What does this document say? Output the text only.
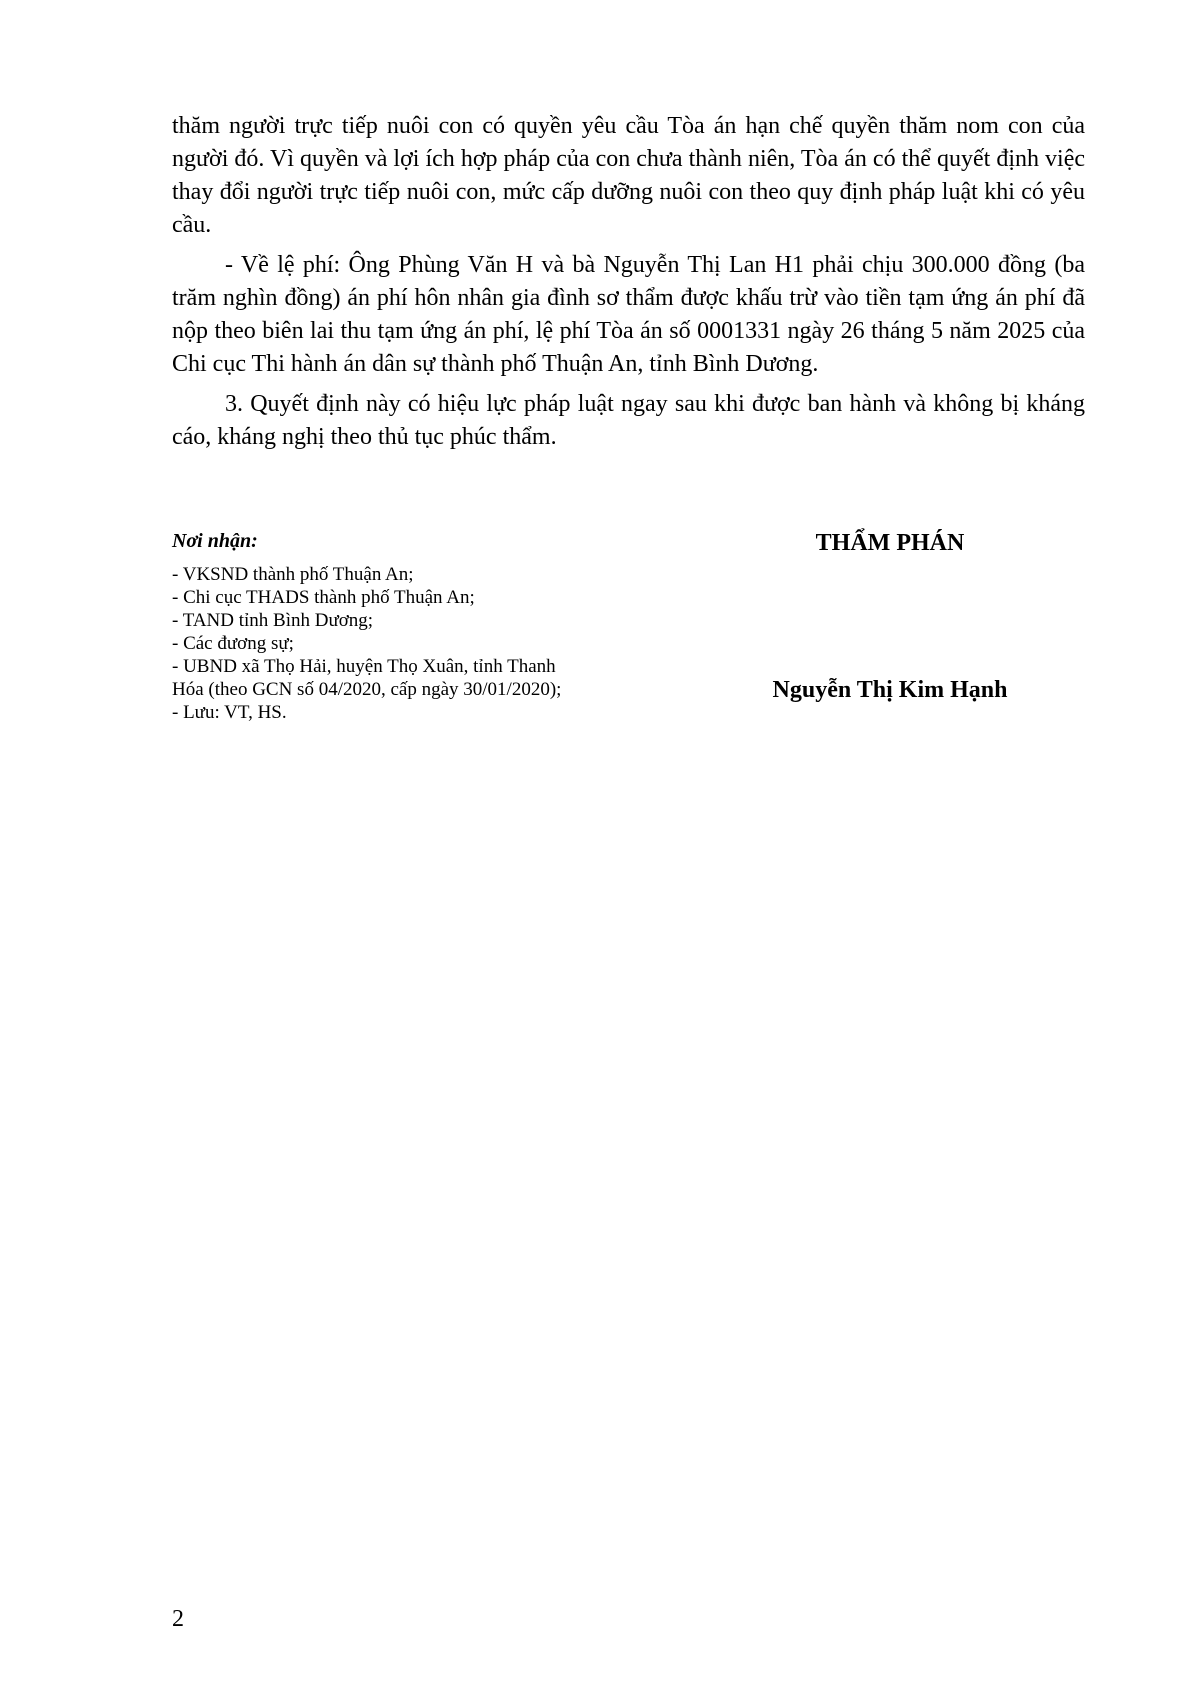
thăm người trực tiếp nuôi con có quyền yêu cầu Tòa án hạn chế quyền thăm nom con của người đó. Vì quyền và lợi ích hợp pháp của con chưa thành niên, Tòa án có thể quyết định việc thay đổi người trực tiếp nuôi con, mức cấp dưỡng nuôi con theo quy định pháp luật khi có yêu cầu.

- Về lệ phí: Ông Phùng Văn H và bà Nguyễn Thị Lan H1 phải chịu 300.000 đồng (ba trăm nghìn đồng) án phí hôn nhân gia đình sơ thẩm được khấu trừ vào tiền tạm ứng án phí đã nộp theo biên lai thu tạm ứng án phí, lệ phí Tòa án số 0001331 ngày 26 tháng 5 năm 2025 của Chi cục Thi hành án dân sự thành phố Thuận An, tỉnh Bình Dương.

3. Quyết định này có hiệu lực pháp luật ngay sau khi được ban hành và không bị kháng cáo, kháng nghị theo thủ tục phúc thẩm.

Nơi nhận:
- VKSND thành phố Thuận An;
- Chi cục THADS thành phố Thuận An;
- TAND tỉnh Bình Dương;
- Các đương sự;
- UBND xã Thọ Hải, huyện Thọ Xuân, tỉnh Thanh Hóa (theo GCN số 04/2020, cấp ngày 30/01/2020);
- Lưu: VT, HS.
THẨM PHÁN
Nguyễn Thị Kim Hạnh
2
